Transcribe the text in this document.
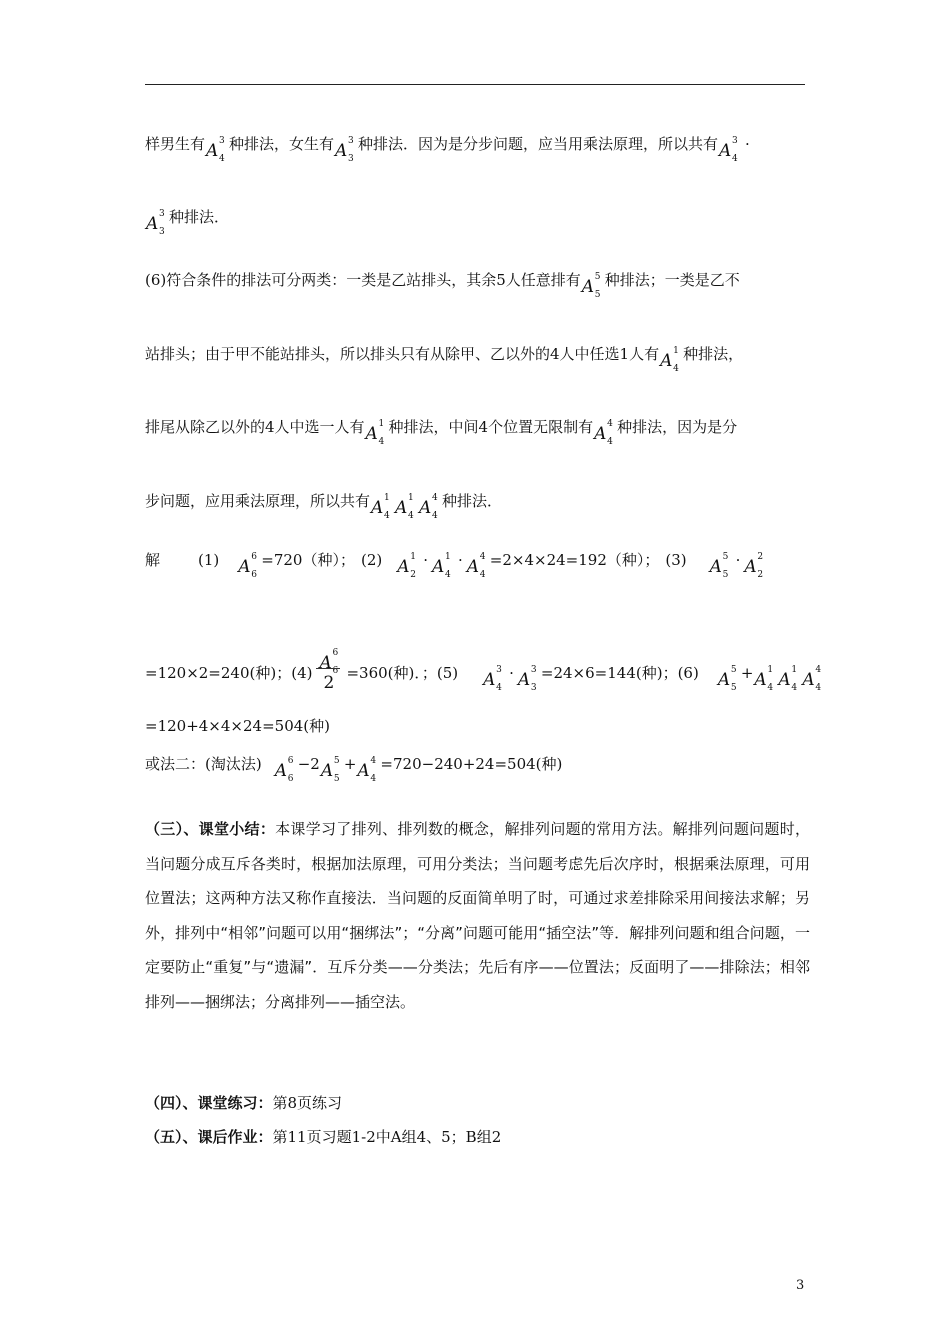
样男生有 A 3
4
种排法，女生有 A 3
3
种排法．因为是分步问题，应当用乘法原理，所以共有 A 3
4
·
A 3
3
种排法．
(6)符合条件的排法可分两类：一类是乙站排头，其余5人任意排有 A 5
5
种排法；一类是乙不
站排头；由于甲不能站排头，所以排头只有从除甲、乙以外的4人中任选1人有 A 1
4
种排法，
排尾从除乙以外的4人中选一人有 A 1
4
种排法，中间4个位置无限制有 A 4
4
种排法，因为是分
步问题，应用乘法原理，所以共有 A 1
4 A 1
4 A 4
4
种排法．
解	(1) A 6
6
=720（种）； (2) A 1
2
· A 1
4
· A 4
4
=2×4×24=192（种）； (3) A 5
5
· A 2
2
=120×2=240(种)；(4) A 6
6
2 =360(种)．；(5) A 3
4
· A 3
3
=24×6=144(种)；(6) A 5
5
+ A 1
4 A 1
4 A 4
4
=120+4×4×24=504(种)
或法二：(淘汰法) A 6
6
−2 A 5
5
+ A 4
4
=720−240+24=504(种)
（三）、课堂小结：本课学习了排列、排列数的概念，解排列问题的常用方法。解排列问题问题时，当问题分成互斥各类时，根据加法原理，可用分类法；当问题考虑先后次序时，根据乘法原理，可用位置法；这两种方法又称作直接法．当问题的反面简单明了时，可通过求差排除采用间接法求解；另外，排列中“相邻”问题可以用“捆绑法”；“分离”问题可能用“插空法”等．解排列问题和组合问题，一定要防止“重复”与“遗漏”．互斥分类——分类法；先后有序——位置法；反面明了——排除法；相邻排列——捆绑法；分离排列——插空法。
（四）、课堂练习：第8页练习
（五）、课后作业：第11页习题1-2中A组4、5；B组2
3
